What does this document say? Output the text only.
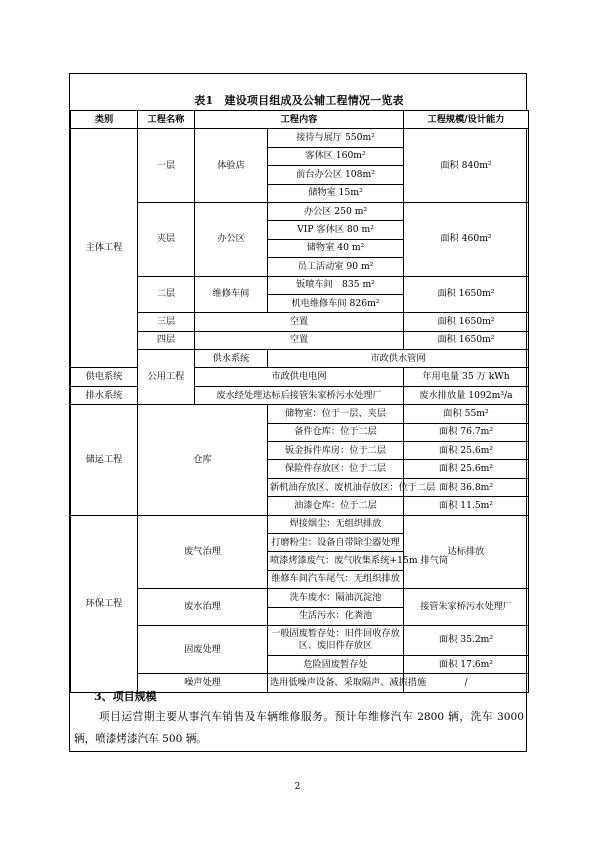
表1　建设项目组成及公辅工程情况一览表
类别	工程名称	工程内容		工程规模/设计能力	
主体工程	一层	体验店	接待与展厅 550m²	面积 840m²	
			客休区 160m²		
			前台办公区 108m²		
			储物室 15m²		
	夹层	办公区	办公区 250 m²	面积 460m²	
			VIP 客休区 80 m²		
			储物室 40 m²		
			员工活动室 90 m²		
	二层	维修车间	钣喷车间　835 m²	面积 1650m²	
			机电维修车间 826m²		
	三层	空置		面积 1650m²	
	四层	空置		面积 1650m²	
	公用工程	供水系统	市政供水管网	
供电系统		市政供电电网		年用电量 35 万 kWh	
排水系统		废水经处理达标后接管朱家桥污水处理厂		废水排放量 1092m³/a	
储运工程	仓库		储物室：位于一层、夹层	面积 55m²	
			备件仓库：位于二层	面积 76.7m²	
			钣金拆件库房：位于二层	面积 25.6m²	
			保险件存放区：位于二层	面积 25.6m²	
			新机油存放区、废机油存放区：位于二层	面积 36.8m²	
			油漆仓库：位于二层	面积 11.5m²	
环保工程	废气治理		焊接烟尘：无组织排放	达标排放	
			打磨粉尘：设备自带除尘器处理		
			喷漆烤漆废气：废气收集系统+15m 排气筒		
			维修车间汽车尾气：无组织排放		
	废水治理		洗车废水：隔油沉淀池	接管朱家桥污水处理厂	
			生活污水：化粪池		
	固废处理		一般固废暂存处：旧件回收存放区、废旧件存放区	面积 35.2m²	
			危险固废暂存处	面积 17.6m²	
	噪声处理		选用低噪声设备、采取隔声、减振措施	/	
3、项目规模
项目运营期主要从事汽车销售及车辆维修服务。预计年维修汽车 2800 辆，洗车 3000 辆，喷漆烤漆汽车 500 辆。
2
